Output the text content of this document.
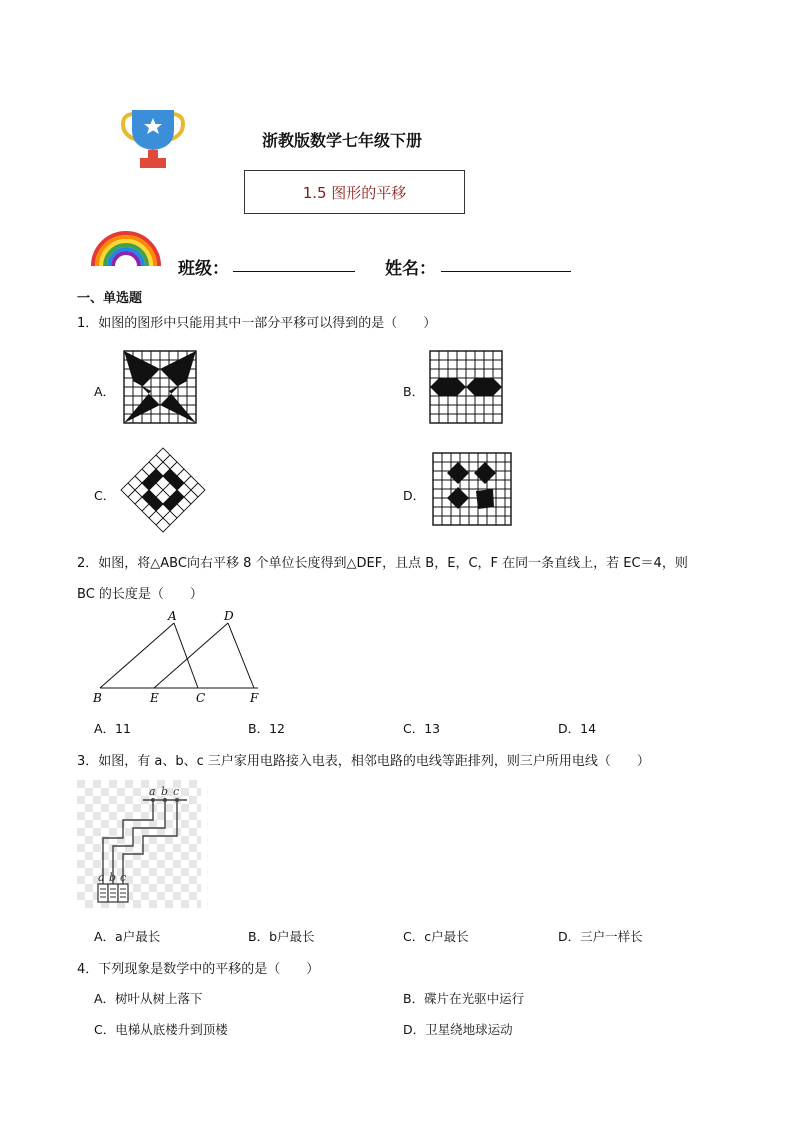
浙教版数学七年级下册
1.5 图形的平移
班级：	姓名：
一、单选题
1．如图的图形中只能用其中一部分平移可以得到的是（　　）
A．	B．
C．	D．
2．如图，将△ABC向右平移 8 个单位长度得到△DEF，且点 B，E，C，F 在同一条直线上，若 EC＝4，则
BC 的长度是（　　）
A	D
B	E	C	F
A．11	B．12	C．13	D．14
3．如图，有 a、b、c 三户家用电路接入电表，相邻电路的电线等距排列，则三户所用电线（　　）
a b c
a b c
A．a户最长	B．b户最长	C．c户最长	D．三户一样长
4．下列现象是数学中的平移的是（　　）
A．树叶从树上落下	B．碟片在光驱中运行
C．电梯从底楼升到顶楼	D．卫星绕地球运动
